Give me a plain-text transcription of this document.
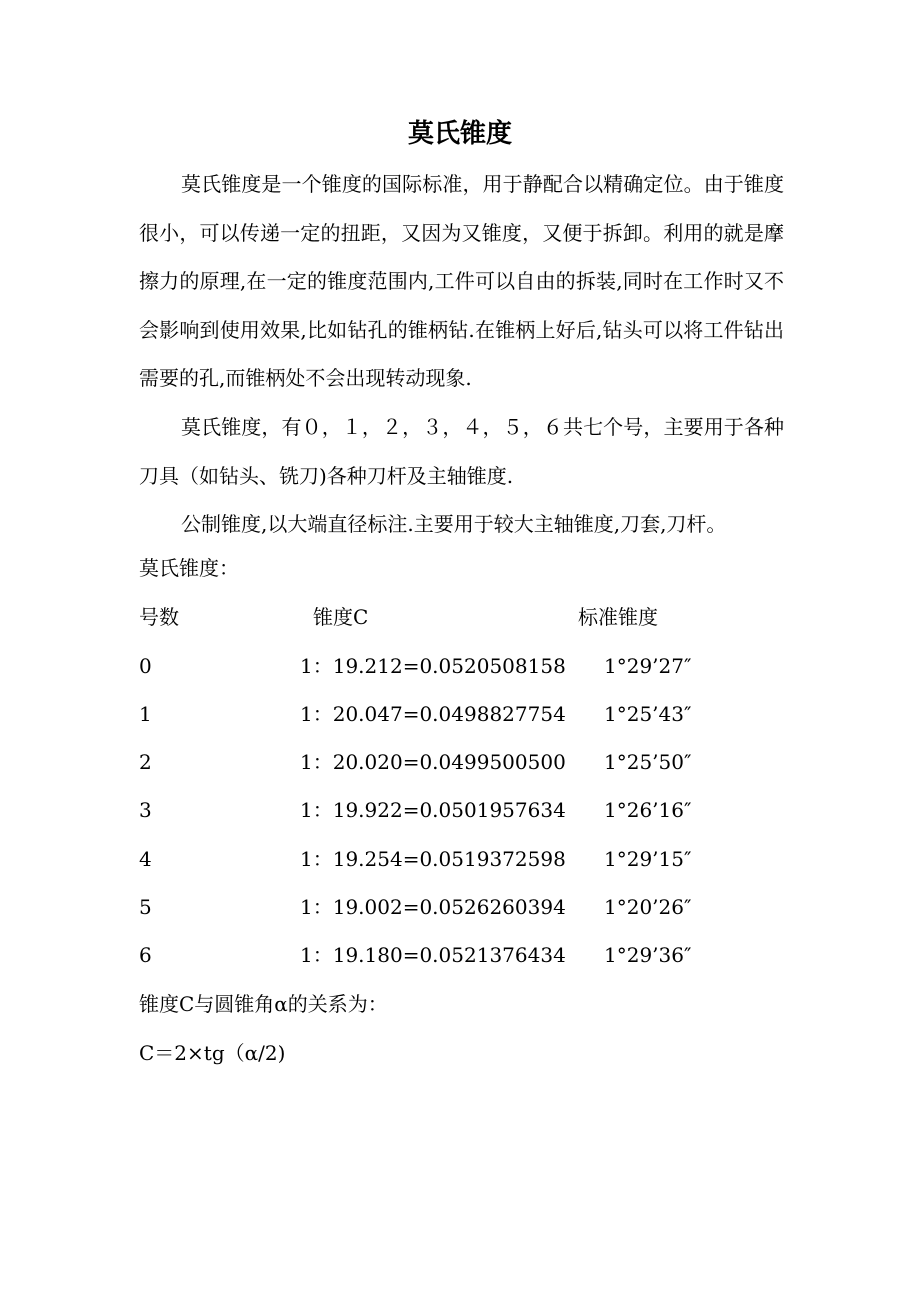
莫氏锥度
莫氏锥度是一个锥度的国际标准，用于静配合以精确定位。由于锥度很小，可以传递一定的扭距，又因为又锥度，又便于拆卸。利用的就是摩擦力的原理,在一定的锥度范围内,工件可以自由的拆装,同时在工作时又不会影响到使用效果,比如钻孔的锥柄钻.在锥柄上好后,钻头可以将工件钻出需要的孔,而锥柄处不会出现转动现象.
莫氏锥度，有０，１，２，３，４，５，６共七个号，主要用于各种刀具（如钻头、铣刀)各种刀杆及主轴锥度.
公制锥度,以大端直径标注.主要用于较大主轴锥度,刀套,刀杆。
莫氏锥度：
号数	锥度C	标准锥度
0	1：19.212=0.0520508158 1°29’27″
1	1：20.047=0.0498827754 1°25’43″
2	1：20.020=0.0499500500 1°25’50″
3	1：19.922=0.0501957634 1°26’16″
4	1：19.254=0.0519372598 1°29’15″
5	1：19.002=0.0526260394 1°20’26″
6	1：19.180=0.0521376434 1°29’36″
锥度C与圆锥角α的关系为：
C＝2×tg（α/2)
